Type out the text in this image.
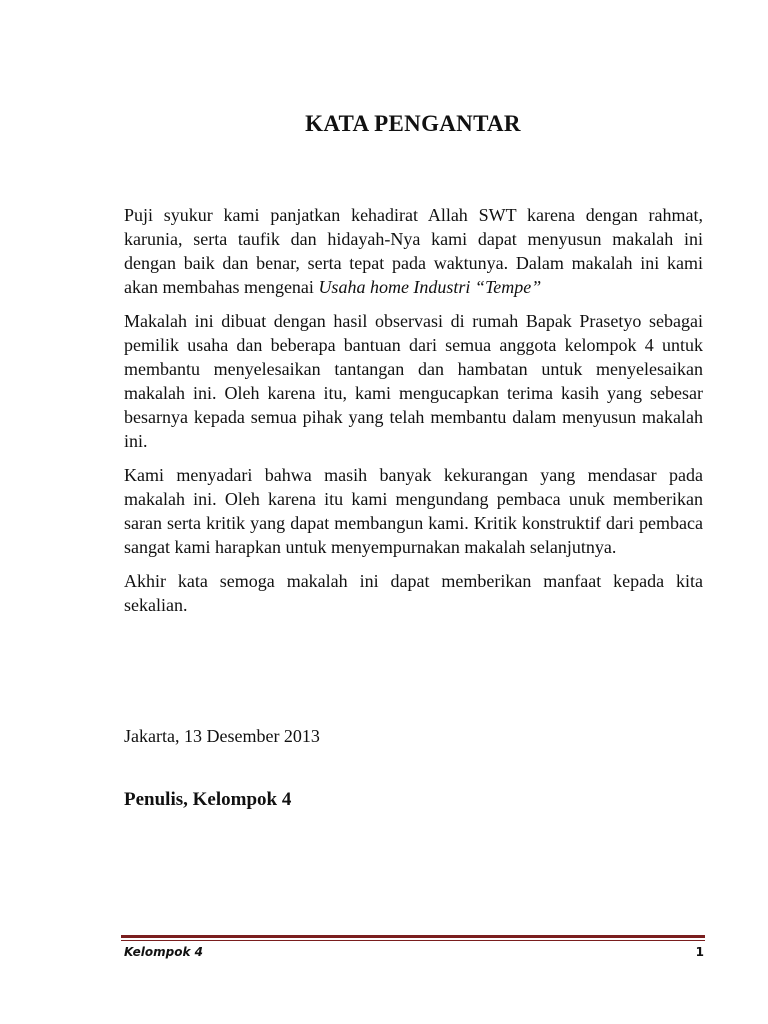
KATA PENGANTAR

Puji syukur kami panjatkan kehadirat Allah SWT karena dengan rahmat, karunia, serta taufik dan hidayah-Nya kami dapat menyusun makalah ini dengan baik dan benar, serta tepat pada waktunya. Dalam makalah ini kami akan membahas mengenai Usaha home Industri “Tempe”

Makalah ini dibuat dengan hasil observasi di rumah Bapak Prasetyo sebagai pemilik usaha dan beberapa bantuan dari semua anggota kelompok 4 untuk membantu menyelesaikan tantangan dan hambatan untuk menyelesaikan makalah ini. Oleh karena itu, kami mengucapkan terima kasih yang sebesar besarnya kepada semua pihak yang telah membantu dalam menyusun makalah ini.

Kami menyadari bahwa masih banyak kekurangan yang mendasar pada makalah ini. Oleh karena itu kami mengundang pembaca unuk memberikan saran serta kritik yang dapat membangun kami. Kritik konstruktif dari pembaca sangat kami harapkan untuk menyempurnakan makalah selanjutnya.

Akhir kata semoga makalah ini dapat memberikan manfaat kepada kita sekalian.

Jakarta, 13 Desember 2013
Penulis, Kelompok 4
Kelompok 4	1
